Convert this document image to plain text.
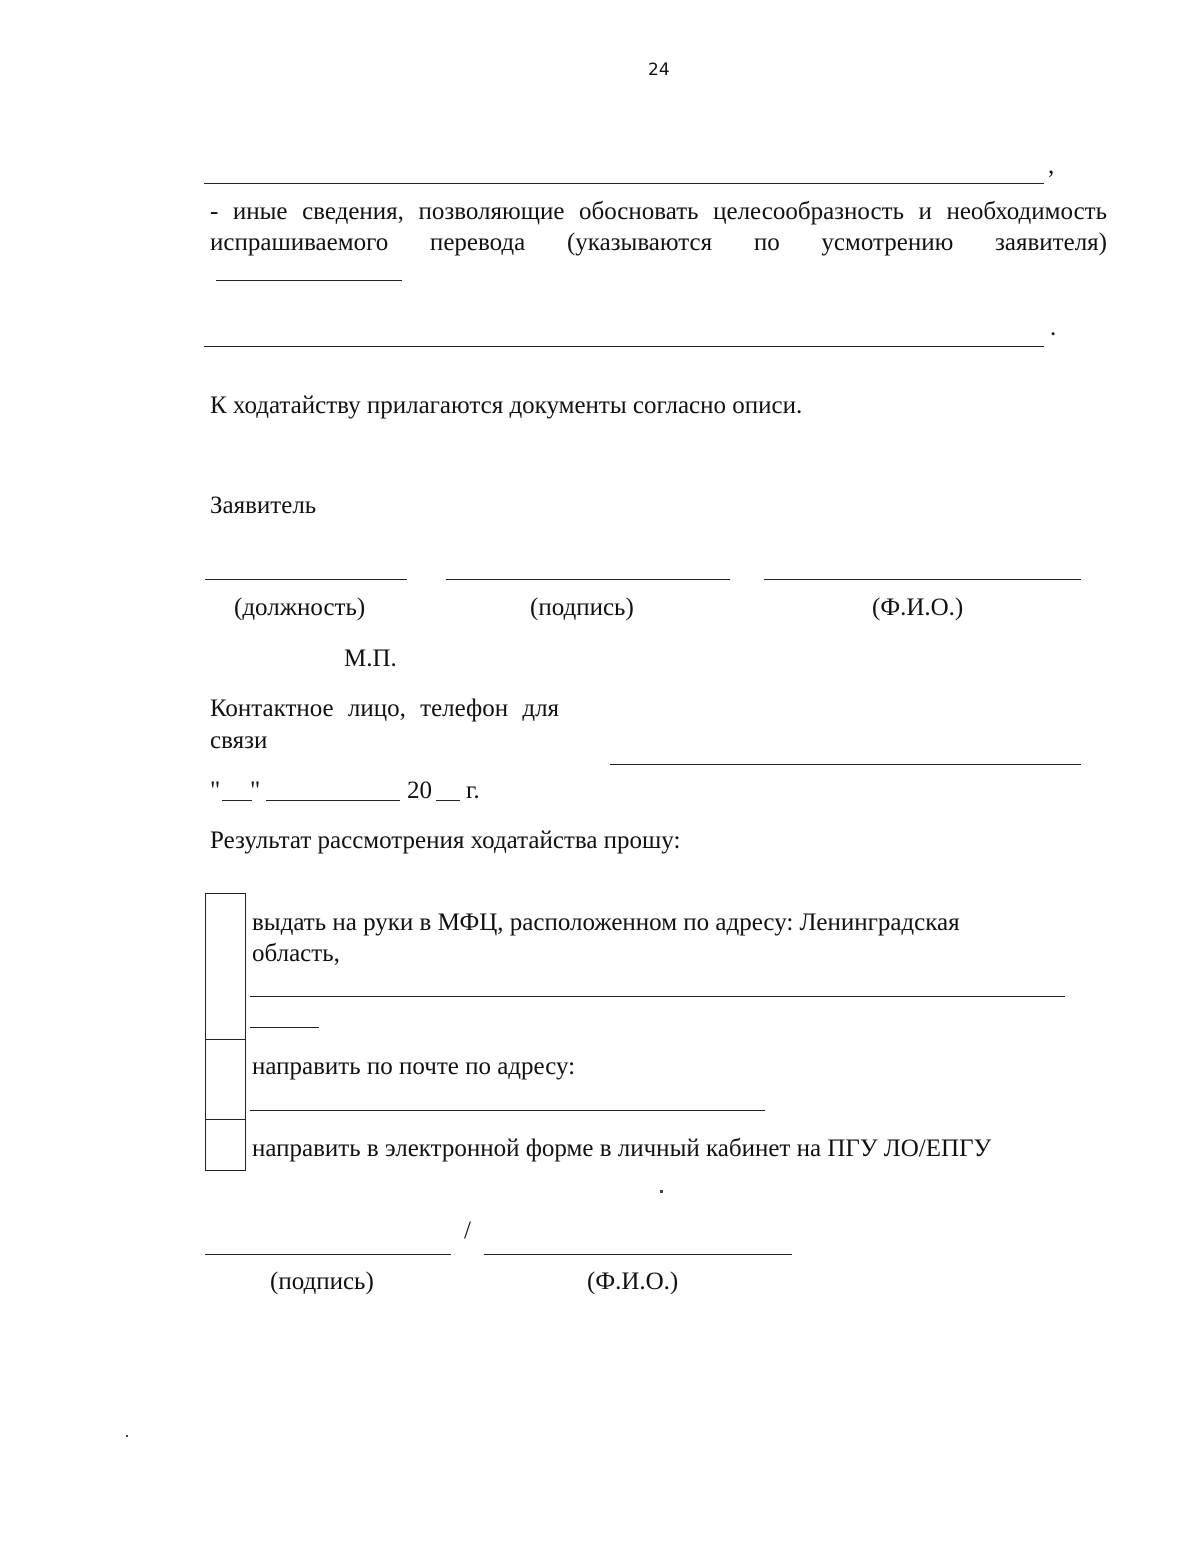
24
,
- иные сведения, позволяющие обосновать целесообразность и необходимость испрашиваемого перевода (указываются по усмотрению заявителя)
.
К ходатайству прилагаются документы согласно описи.
Заявитель
(должность)	(подпись)	(Ф.И.О.)
М.П.
Контактное лицо, телефон для
связи
" "	20 г.
Результат рассмотрения ходатайства прошу:
выдать на руки в МФЦ, расположенном по адресу: Ленинградская
область,
направить по почте по адресу:
направить в электронной форме в личный кабинет на ПГУ ЛО/ЕПГУ
/
(подпись)	(Ф.И.О.)
